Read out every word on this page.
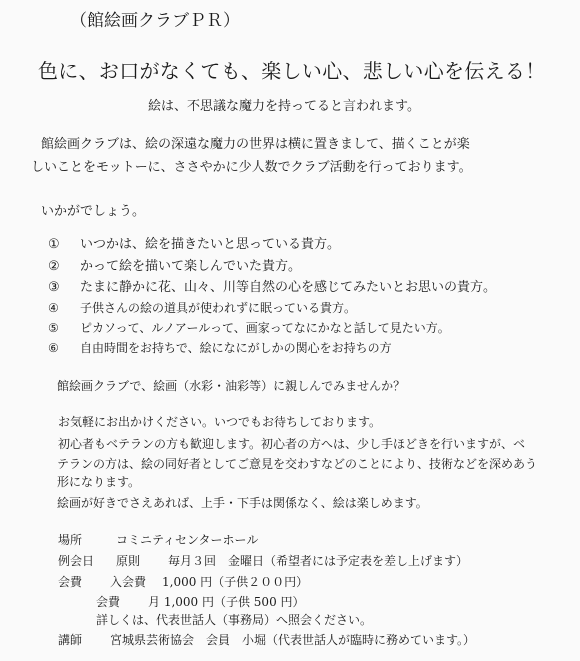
（館絵画クラブＰＲ）
色に、お口がなくても、楽しい心、悲しい心を伝える！
絵は、不思議な魔力を持ってると言われます。
館絵画クラブは、絵の深遠な魔力の世界は横に置きまして、描くことが楽
しいことをモットーに、ささやかに少人数でクラブ活動を行っております。
いかがでしょう。
① いつかは、絵を描きたいと思っている貴方。
② かって絵を描いて楽しんでいた貴方。
③ たまに静かに花、山々、川等自然の心を感じてみたいとお思いの貴方。
④ 子供さんの絵の道具が使われずに眠っている貴方。
⑤ ピカソって、ルノアールって、画家ってなにかなと話して見たい方。
⑥ 自由時間をお持ちで、絵になにがしかの関心をお持ちの方
館絵画クラブで、絵画（水彩・油彩等）に親しんでみませんか？
お気軽にお出かけください。いつでもお待ちしております。
初心者もベテランの方も歓迎します。初心者の方へは、少し手ほどきを行いますが、ベ
テランの方は、絵の同好者としてご意見を交わすなどのことにより、技術などを深めあう
形になります。
絵画が好きでさえあれば、上手・下手は関係なく、絵は楽しめます。
場所	コミニティセンターホール
例会日 原則 毎月３回　金曜日（希望者には予定表を差し上げます）
会費 入会費 1,000 円（子供２００円）
会費 月 1,000 円（子供 500 円）
詳しくは、代表世話人（事務局）へ照会ください。
講師 宮城県芸術協会　会員　小堀（代表世話人が臨時に務めています。）
